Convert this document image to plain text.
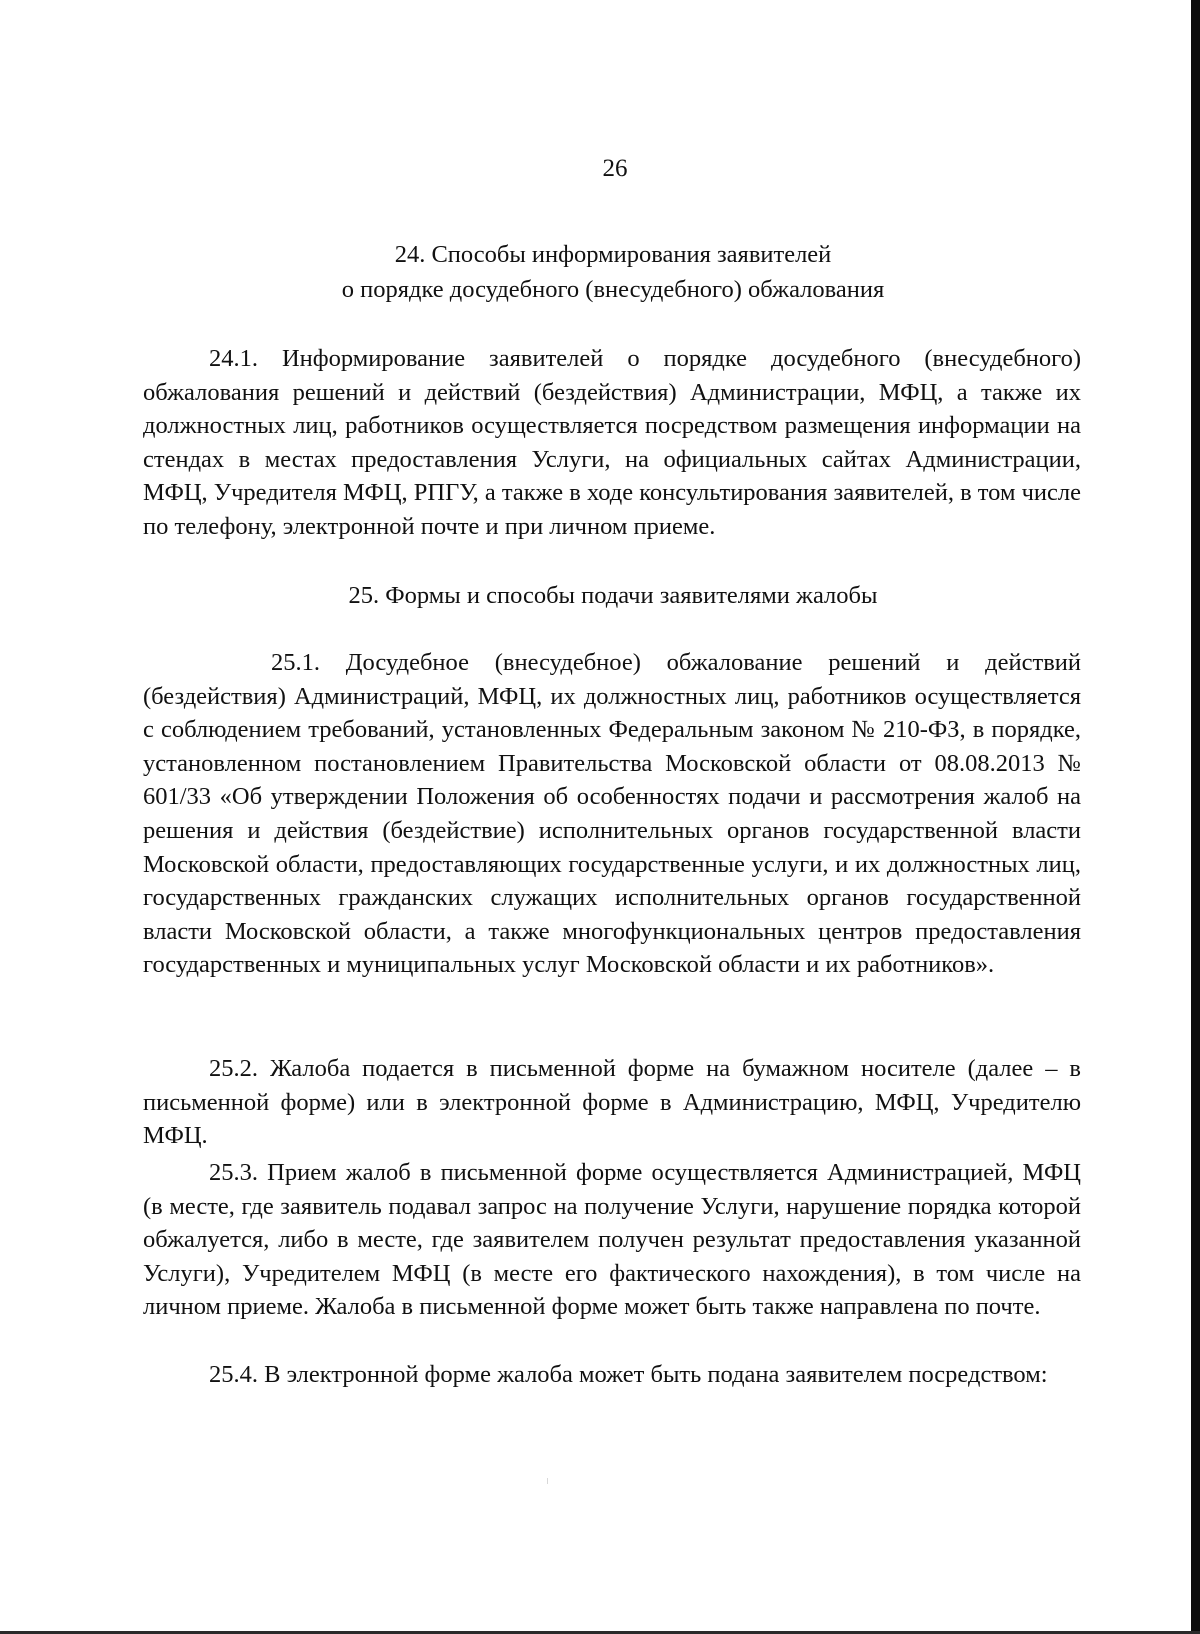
26
24. Способы информирования заявителей
о порядке досудебного (внесудебного) обжалования

24.1. Информирование заявителей о порядке досудебного (внесудебного) обжалования решений и действий (бездействия) Администрации, МФЦ, а также их должностных лиц, работников осуществляется посредством размещения информации на стендах в местах предоставления Услуги, на официальных сайтах Администрации, МФЦ, Учредителя МФЦ, РПГУ, а также в ходе консультирования заявителей, в том числе по телефону, электронной почте и при личном приеме.

25. Формы и способы подачи заявителями жалобы

25.1. Досудебное (внесудебное) обжалование решений и действий (бездействия) Администраций, МФЦ, их должностных лиц, работников осуществляется с соблюдением требований, установленных Федеральным законом № 210-ФЗ, в порядке, установленном постановлением Правительства Московской области от 08.08.2013 № 601/33 «Об утверждении Положения об особенностях подачи и рассмотрения жалоб на решения и действия (бездействие) исполнительных органов государственной власти Московской области, предоставляющих государственные услуги, и их должностных лиц, государственных гражданских служащих исполнительных органов государственной власти Московской области, а также многофункциональных центров предоставления государственных и муниципальных услуг Московской области и их работников».

25.2. Жалоба подается в письменной форме на бумажном носителе (далее – в письменной форме) или в электронной форме в Администрацию, МФЦ, Учредителю МФЦ.

25.3. Прием жалоб в письменной форме осуществляется Администрацией, МФЦ (в месте, где заявитель подавал запрос на получение Услуги, нарушение порядка которой обжалуется, либо в месте, где заявителем получен результат предоставления указанной Услуги), Учредителем МФЦ (в месте его фактического нахождения), в том числе на личном приеме. Жалоба в письменной форме может быть также направлена по почте.

25.4. В электронной форме жалоба может быть подана заявителем посредством:
